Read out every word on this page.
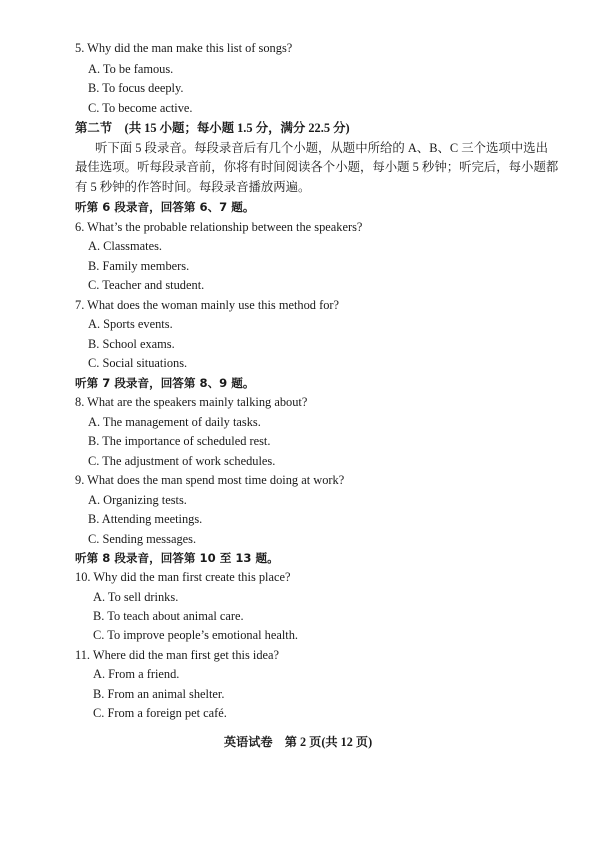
5. Why did the man make this list of songs?
A. To be famous.
B. To focus deeply.
C. To become active.
第二节　(共 15 小题；每小题 1.5 分，满分 22.5 分)
听下面 5 段录音。每段录音后有几个小题，从题中所给的 A、B、C 三个选项中选出
最佳选项。听每段录音前，你将有时间阅读各个小题，每小题 5 秒钟；听完后，每小题都
有 5 秒钟的作答时间。每段录音播放两遍。
听第 6 段录音，回答第 6、7 题。
6. What’s the probable relationship between the speakers?
A. Classmates.
B. Family members.
C. Teacher and student.
7. What does the woman mainly use this method for?
A. Sports events.
B. School exams.
C. Social situations.
听第 7 段录音，回答第 8、9 题。
8. What are the speakers mainly talking about?
A. The management of daily tasks.
B. The importance of scheduled rest.
C. The adjustment of work schedules.
9. What does the man spend most time doing at work?
A. Organizing tests.
B. Attending meetings.
C. Sending messages.
听第 8 段录音，回答第 10 至 13 题。
10. Why did the man first create this place?
A. To sell drinks.
B. To teach about animal care.
C. To improve people’s emotional health.
11. Where did the man first get this idea?
A. From a friend.
B. From an animal shelter.
C. From a foreign pet café.
英语试卷　第 2 页(共 12 页)
